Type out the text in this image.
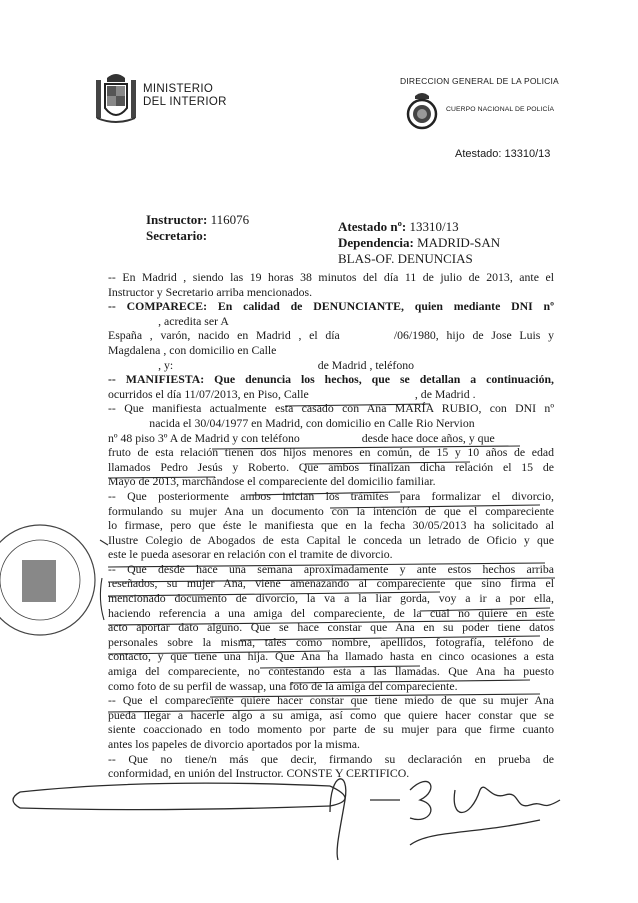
MINISTERIO
DEL INTERIOR
DIRECCION GENERAL DE LA POLICIA
CUERPO NACIONAL DE POLICÍA
Atestado: 13310/13
Instructor: 116076
Secretario:
Atestado nº: 13310/13
Dependencia: MADRID-SAN
BLAS-OF. DENUNCIAS

-- En Madrid , siendo las 19 horas 38 minutos del día 11 de julio de 2013, ante el

Instructor y Secretario arriba mencionados.

-- COMPARECE: En calidad de DENUNCIANTE, quien mediante DNI nº

, acredita ser A

España , varón, nacido en Madrid , el día       /06/1980, hijo de Jose Luis y

Magdalena , con domicilio en Calle

, y:                                                 de Madrid , teléfono

-- MANIFIESTA: Que denuncia los hechos, que se detallan a continuación,

ocurridos el día 11/07/2013, en Piso, Calle                                    , de Madrid .

-- Que manifiesta actualmente esta casado con Ana MARÍA RUBIO, con DNI nº

nacida el 30/04/1977 en Madrid, con domicilio en Calle Rio Nervion

nº 48 piso 3º A de Madrid y con teléfono                     desde hace doce años, y que

fruto de esta relación tienen dos hijos menores en común, de 15 y 10 años de edad

llamados Pedro Jesús y Roberto. Que ambos finalizan dicha relación el 15 de

Mayo de 2013, marchándose el compareciente del domicilio familiar.

-- Que posteriormente ambos inician los trámites para formalizar el divorcio,

formulando su mujer Ana un documento con la intención de que el compareciente

lo firmase, pero que éste le manifiesta que en la fecha 30/05/2013 ha solicitado al

Ilustre Colegio de Abogados de esta Capital le conceda un letrado de Oficio y que

este le pueda asesorar en relación con el tramite de divorcio.

-- Que desde hace una semana aproximadamente y ante estos hechos arriba

reseñados, su mujer Ana, viene amenazando al compareciente que sino firma el

mencionado documento de divorcio, la va a la liar gorda, voy a ir a por ella,

haciendo referencia a una amiga del compareciente, de la cual no quiere en este

acto aportar dato alguno. Que se hace constar que Ana en su poder tiene datos

personales sobre la misma, tales como nombre, apellidos, fotografía, teléfono de

contacto, y que tiene una hija. Que Ana ha llamado hasta en cinco ocasiones a esta

amiga del compareciente, no contestando esta a las llamadas. Que Ana ha puesto

como foto de su perfil de wassap, una foto de la amiga del compareciente.

-- Que el compareciente quiere hacer constar que tiene miedo de que su mujer Ana

pueda llegar a hacerle algo a su amiga, así como que quiere hacer constar que se

siente coaccionado en todo momento por parte de su mujer para que firme cuanto

antes los papeles de divorcio aportados por la misma.

-- Que no tiene/n más que decir, firmando su declaración en prueba de

conformidad, en unión del Instructor. CONSTE Y CERTIFICO.
